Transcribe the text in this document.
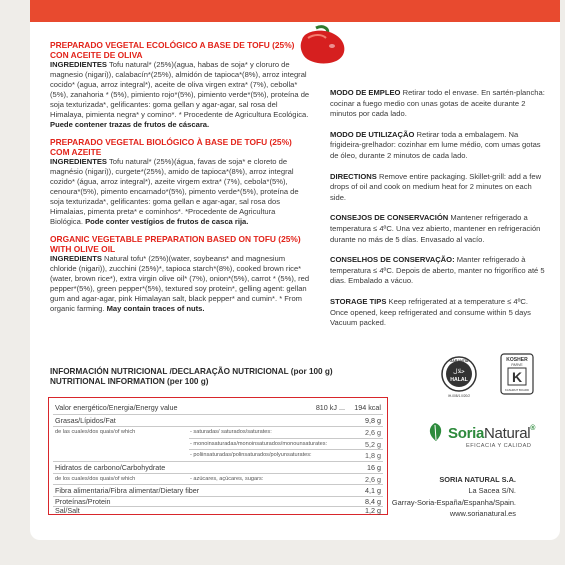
PREPARADO VEGETAL ECOLÓGICO A BASE DE TOFU (25%)
CON ACEITE DE OLIVA
INGREDIENTES Tofu natural* (25%)(agua, habas de soja* y cloruro de magnesio (nigari)), calabacín*(25%), almidón de tapioca*(8%), arroz integral cocido* (agua, arroz integral*), aceite de oliva virgen extra* (7%), cebolla*(5%), zanahoria * (5%), pimiento rojo*(5%), pimiento verde*(5%), proteína de soja texturizada*, gelificantes: goma gellan y agar-agar, sal rosa del Himalaya, pimienta negra* y comino*. * Procedente de Agricultura Ecológica. Puede contener trazas de frutos de cáscara.
PREPARADO VEGETAL BIOLÓGICO À BASE DE TOFU (25%)
COM AZEITE
INGREDIENTES Tofu natural* (25%)(água, favas de soja* e cloreto de magnésio (nigari)), curgete*(25%), amido de tapioca*(8%), arroz integral cozido* (água, arroz integral*), azeite virgem extra* (7%), cebola*(5%), cenoura*(5%), pimento encarnado*(5%), pimento verde*(5%), proteína de soja texturizada*, gelificantes: goma gellan e agar-agar, sal rosa dos Himalaias, pimenta preta* e cominhos*. *Procedente de Agricultura Biológica. Pode conter vestígios de frutos de casca rija.
ORGANIC VEGETABLE PREPARATION BASED ON TOFU (25%)
WITH OLIVE OIL
INGREDIENTS Natural tofu* (25%)(water, soybeans* and magnesium chloride (nigari)), zucchini (25%)*, tapioca starch*(8%), cooked brown rice* (water, brown rice*), extra virgin olive oil* (7%), onion*(5%), carrot * (5%), red pepper*(5%), green pepper*(5%), textured soy protein*, gelling agent: gellan gum and agar-agar, pink Himalayan salt, black pepper* and cumin*. * From organic farming. May contain traces of nuts.
MODO DE EMPLEO Retirar todo el envase. En sartén-plancha: cocinar a fuego medio con unas gotas de aceite durante 2 minutos por cada lado.
MODO DE UTILIZAÇÃO Retirar toda a embalagem. Na frigideira-grelhador: cozinhar em lume médio, com umas gotas de óleo, durante 2 minutos de cada lado.
DIRECTIONS Remove entire packaging. Skillet-grill: add a few drops of oil and cook on medium heat for 2 minutes on each side.
CONSEJOS DE CONSERVACIÓN Mantener refrigerado a temperatura ≤ 4ºC. Una vez abierto, mantener en refrigeración durante no más de 5 días. Envasado al vacío.
CONSELHOS DE CONSERVAÇÃO: Manter refrigerado à temperatura ≤ 4ºC. Depois de aberto, manter no frigorífico até 5 dias. Embalado a vácuo.
STORAGE TIPS Keep refrigerated at a temperature ≤ 4ºC. Once opened, keep refrigerated and consume within 5 days Vacuum packed.
INFORMACIÓN NUTRICIONAL /DECLARAÇÃO NUTRICIONAL (por 100 g)
NUTRITIONAL INFORMATION (per 100 g)
Valor energético/Energia/Energy value	810 kJ ... 194 kcal
Grasas/Lípidos/Fat	9,8 g
de las cuales/dos quais/of which	- saturadas/ saturados/saturates:	2,6 g
- monoinsaturadas/monoinsaturados/monounsaturates:	5,2 g
- poliinsaturadas/polinsaturados/polyunsaturates:	1,8 g
Hidratos de carbono/Carbohydrate	16 g
de los cuales/dos quais/of which	- azúcares, açúcares, sugars:	2,6 g
Fibra alimentaria/Fibra alimentar/Dietary fiber	4,1 g
Proteínas/Protein	8,4 g
Sal/Salt	1,2 g
GARANTÍA
حلال
HALAL
IH-008/1.0/20/2
KOSHER
PARVE
K
KASHRUT BOARD
SoriaNatural®
EFICACIA Y CALIDAD
SORIA NATURAL S.A.
La Sacea S/N.
Garray-Soria-España/Espanha/Spain.
www.sorianatural.es
